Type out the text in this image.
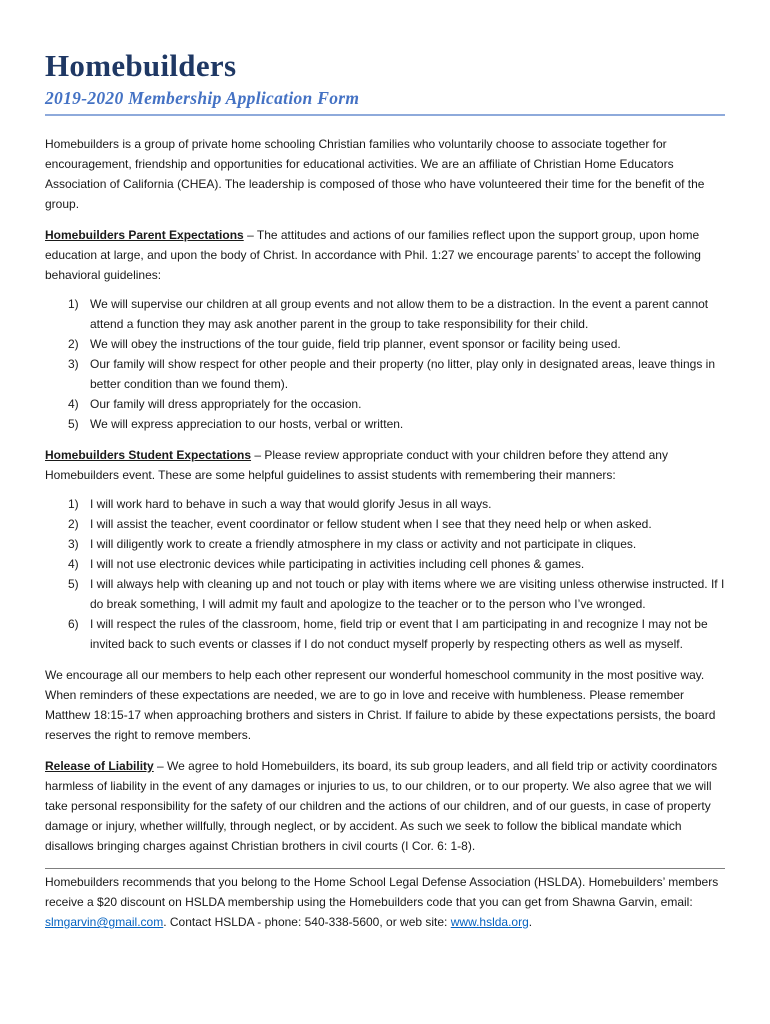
Homebuilders
2019-2020 Membership Application Form

Homebuilders is a group of private home schooling Christian families who voluntarily choose to associate together for encouragement, friendship and opportunities for educational activities. We are an affiliate of Christian Home Educators Association of California (CHEA). The leadership is composed of those who have volunteered their time for the benefit of the group.

Homebuilders Parent Expectations – The attitudes and actions of our families reflect upon the support group, upon home education at large, and upon the body of Christ. In accordance with Phil. 1:27 we encourage parents’ to accept the following behavioral guidelines:

1) We will supervise our children at all group events and not allow them to be a distraction. In the event a parent cannot attend a function they may ask another parent in the group to take responsibility for their child.
2) We will obey the instructions of the tour guide, field trip planner, event sponsor or facility being used.
3) Our family will show respect for other people and their property (no litter, play only in designated areas, leave things in better condition than we found them).
4) Our family will dress appropriately for the occasion.
5) We will express appreciation to our hosts, verbal or written.

Homebuilders Student Expectations – Please review appropriate conduct with your children before they attend any Homebuilders event. These are some helpful guidelines to assist students with remembering their manners:

1) I will work hard to behave in such a way that would glorify Jesus in all ways.
2) I will assist the teacher, event coordinator or fellow student when I see that they need help or when asked.
3) I will diligently work to create a friendly atmosphere in my class or activity and not participate in cliques.
4) I will not use electronic devices while participating in activities including cell phones & games.
5) I will always help with cleaning up and not touch or play with items where we are visiting unless otherwise instructed. If I do break something, I will admit my fault and apologize to the teacher or to the person who I’ve wronged.
6) I will respect the rules of the classroom, home, field trip or event that I am participating in and recognize I may not be invited back to such events or classes if I do not conduct myself properly by respecting others as well as myself.

We encourage all our members to help each other represent our wonderful homeschool community in the most positive way. When reminders of these expectations are needed, we are to go in love and receive with humbleness. Please remember Matthew 18:15-17 when approaching brothers and sisters in Christ. If failure to abide by these expectations persists, the board reserves the right to remove members.

Release of Liability – We agree to hold Homebuilders, its board, its sub group leaders, and all field trip or activity coordinators harmless of liability in the event of any damages or injuries to us, to our children, or to our property. We also agree that we will take personal responsibility for the safety of our children and the actions of our children, and of our guests, in case of property damage or injury, whether willfully, through neglect, or by accident. As such we seek to follow the biblical mandate which disallows bringing charges against Christian brothers in civil courts (I Cor. 6: 1-8).

Homebuilders recommends that you belong to the Home School Legal Defense Association (HSLDA). Homebuilders’ members receive a $20 discount on HSLDA membership using the Homebuilders code that you can get from Shawna Garvin, email: slmgarvin@gmail.com. Contact HSLDA - phone: 540-338-5600, or web site: www.hslda.org.
